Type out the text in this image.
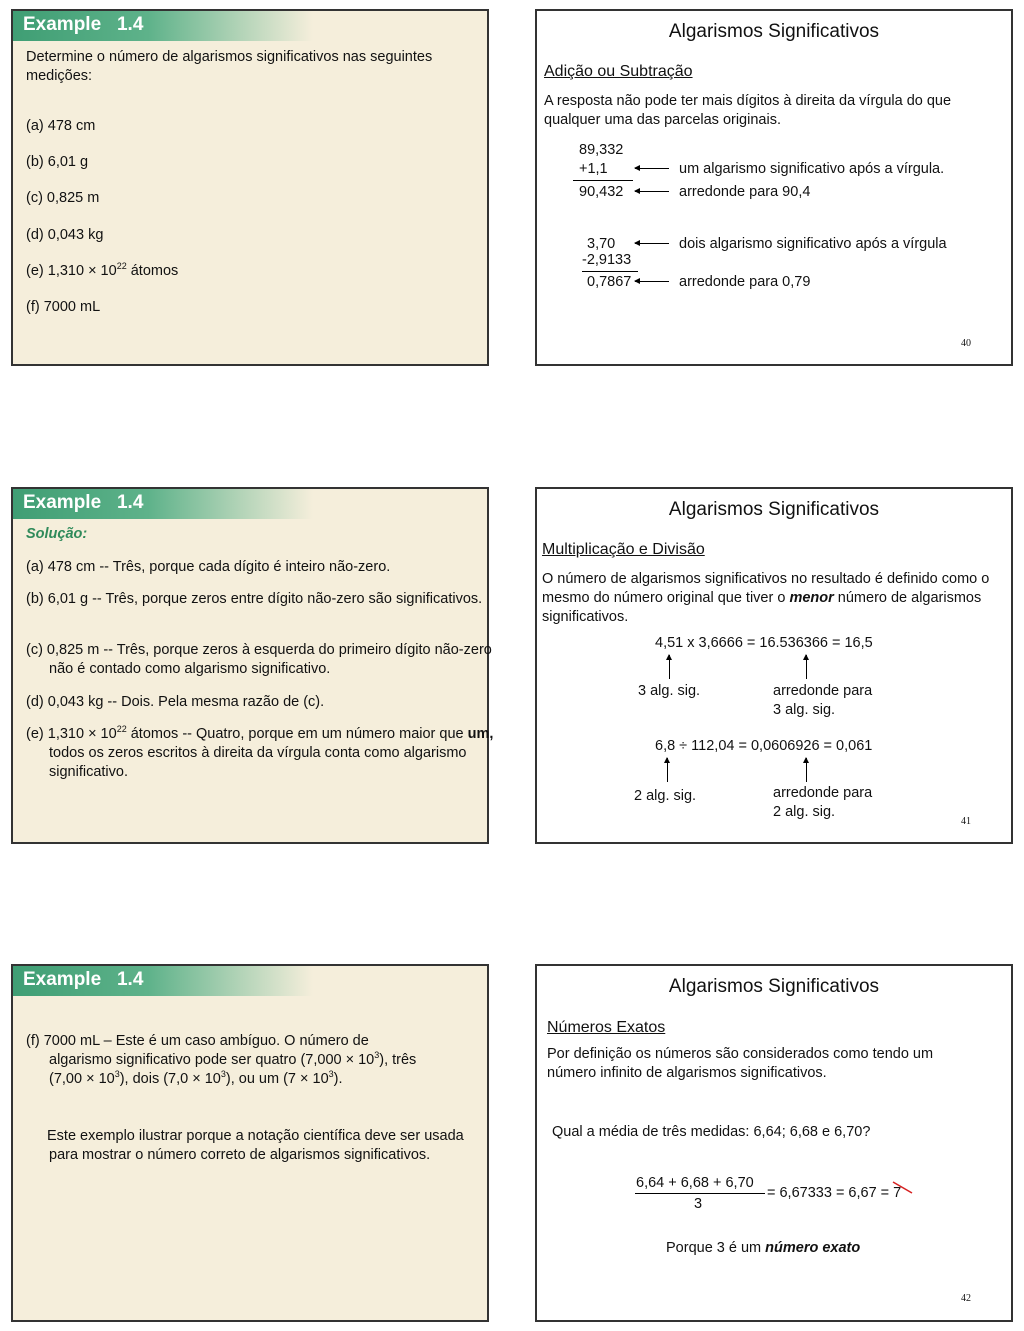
Example   1.4
Determine o número de algarismos significativos nas seguintes medições:
(a) 478 cm
(b) 6,01 g
(c) 0,825 m
(d) 0,043 kg
(e) $1,310 \times 10^{22}$ átomos
(f) 7000 mL
Algarismos Significativos
Adição ou Subtração
A resposta não pode ter mais dígitos à direita da vírgula do que qualquer uma das parcelas originais.
89,332
+1,1
90,432
um algarismo significativo após a vírgula.
arredonde para 90,4
3,70
-2,9133
0,7867
dois algarismo significativo após a vírgula
arredonde para 0,79
40
Example   1.4
Solução:
(a) 478 cm -- Três, porque cada dígito é inteiro não-zero.
(b) 6,01 g -- Três, porque zeros entre dígito não-zero são significativos.
(c) 0,825 m -- Três, porque zeros à esquerda do primeiro dígito não-zero não é contado como algarismo significativo.
(d) 0,043 kg -- Dois. Pela mesma razão de (c).
(e) $1,310 \times 10^{22}$ átomos -- Quatro, porque em um número maior que um, todos os zeros escritos à direita da vírgula conta como algarismo significativo.
Algarismos Significativos
Multiplicação e Divisão
O número de algarismos significativos no resultado é definido como o mesmo do número original que tiver o menor número de algarismos significativos.
4,51 x 3,6666 = 16.536366 = 16,5
3 alg. sig.	arredonde para
3 alg. sig.
6,8 ÷ 112,04 = 0,0606926 = 0,061
2 alg. sig.	arredonde para
2 alg. sig.
41
Example   1.4
(f) 7000 mL – Este é um caso ambíguo. O número de
algarismo significativo pode ser quatro $(7,000 \times 10^3)$, três
$(7,00 \times 10^3)$, dois $(7,0 \times 10^3)$, ou um $(7 \times 10^3)$.
Este exemplo ilustrar porque a notação científica deve ser usada para mostrar o número correto de algarismos significativos.
Algarismos Significativos
Números Exatos
Por definição os números são considerados como tendo um número infinito de algarismos significativos.
Qual a média de três medidas: 6,64; 6,68 e 6,70?
6,64 + 6,68 + 6,70
3
= 6,67333 = 6,67 = 7
Porque 3 é um número exato
42
